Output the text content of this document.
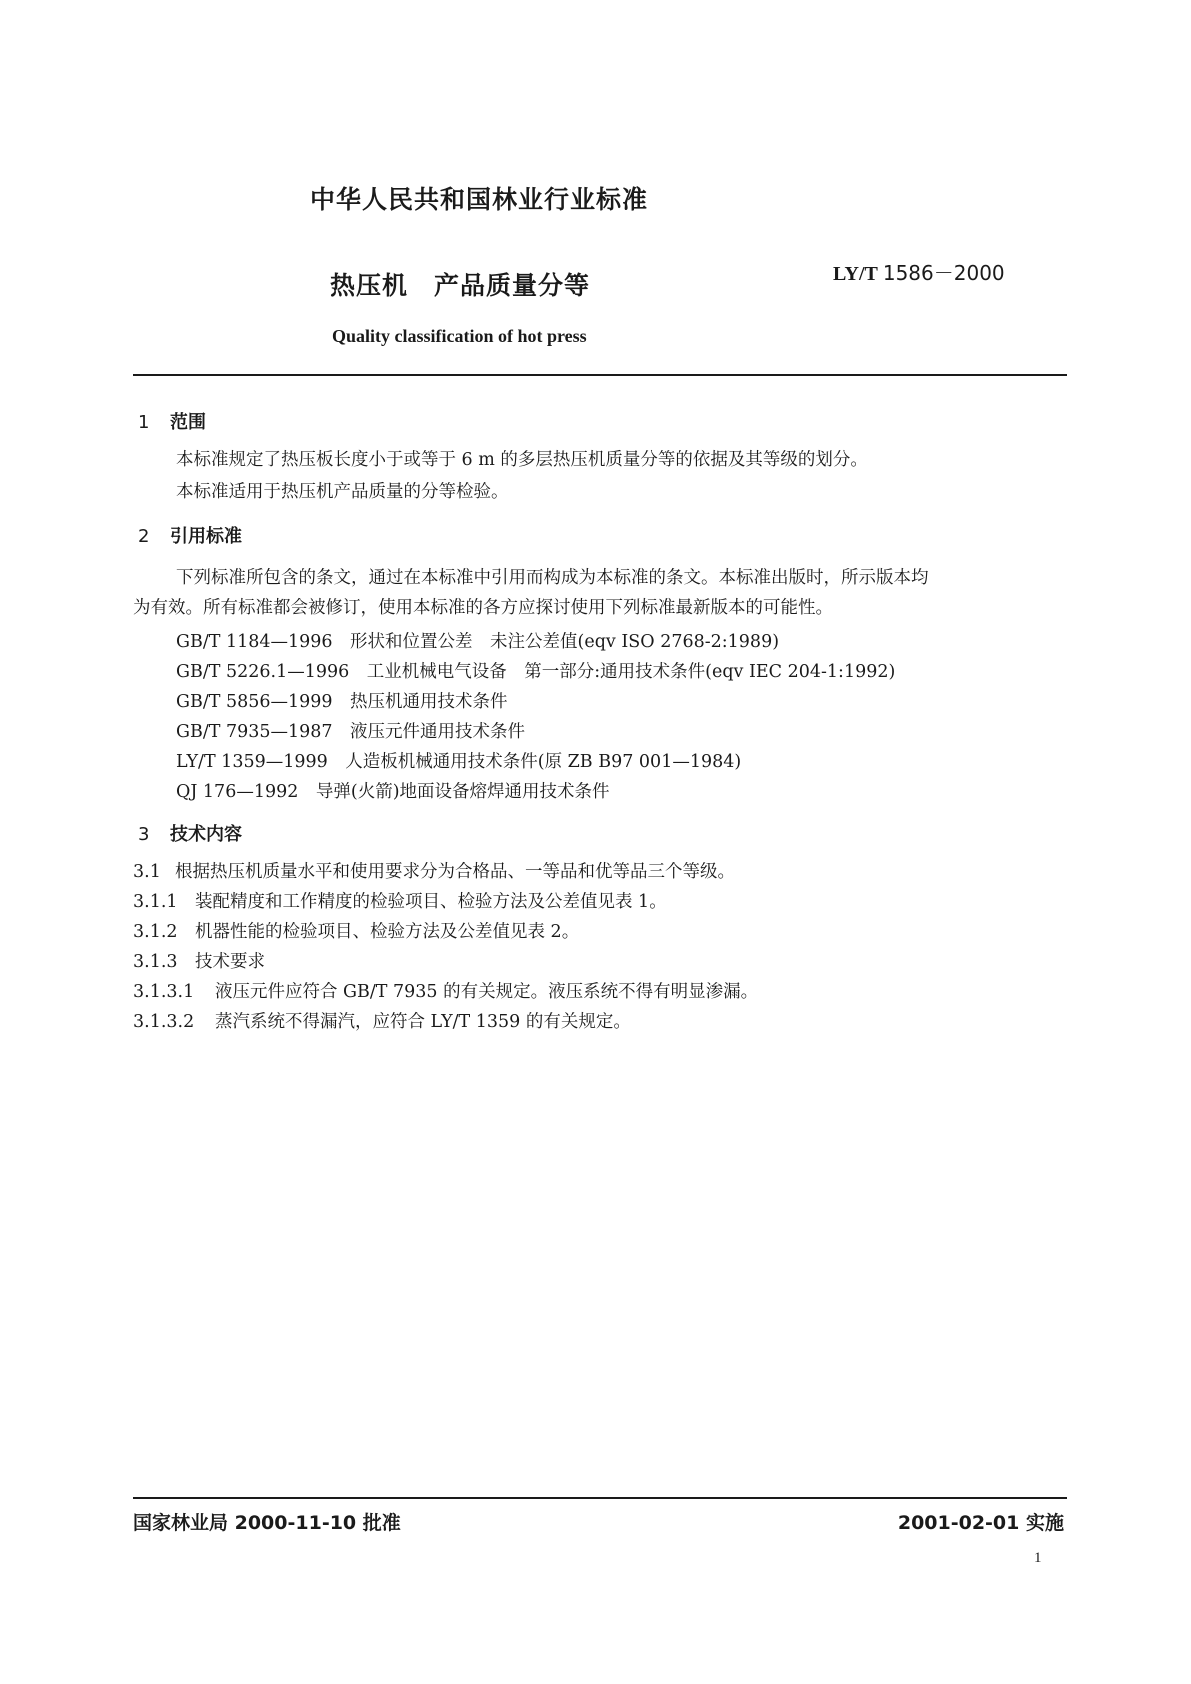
中华人民共和国林业行业标准
热压机　产品质量分等	LY/T 1586－2000
Quality classification of hot press
1 范围
本标准规定了热压板长度小于或等于 6 m 的多层热压机质量分等的依据及其等级的划分。
本标准适用于热压机产品质量的分等检验。
2 引用标准
下列标准所包含的条文，通过在本标准中引用而构成为本标准的条文。本标准出版时，所示版本均
为有效。所有标准都会被修订，使用本标准的各方应探讨使用下列标准最新版本的可能性。
GB/T 1184—1996　形状和位置公差　未注公差值(eqv ISO 2768-2:1989)
GB/T 5226.1—1996　工业机械电气设备　第一部分:通用技术条件(eqv IEC 204-1:1992)
GB/T 5856—1999　热压机通用技术条件
GB/T 7935—1987　液压元件通用技术条件
LY/T 1359—1999　人造板机械通用技术条件(原 ZB B97 001—1984)
QJ 176—1992　导弹(火箭)地面设备熔焊通用技术条件
3 技术内容
3.1 根据热压机质量水平和使用要求分为合格品、一等品和优等品三个等级。
3.1.1 装配精度和工作精度的检验项目、检验方法及公差值见表 1。
3.1.2 机器性能的检验项目、检验方法及公差值见表 2。
3.1.3 技术要求
3.1.3.1 液压元件应符合 GB/T 7935 的有关规定。液压系统不得有明显渗漏。
3.1.3.2 蒸汽系统不得漏汽，应符合 LY/T 1359 的有关规定。
国家林业局 2000-11-10 批准	2001-02-01 实施
1
